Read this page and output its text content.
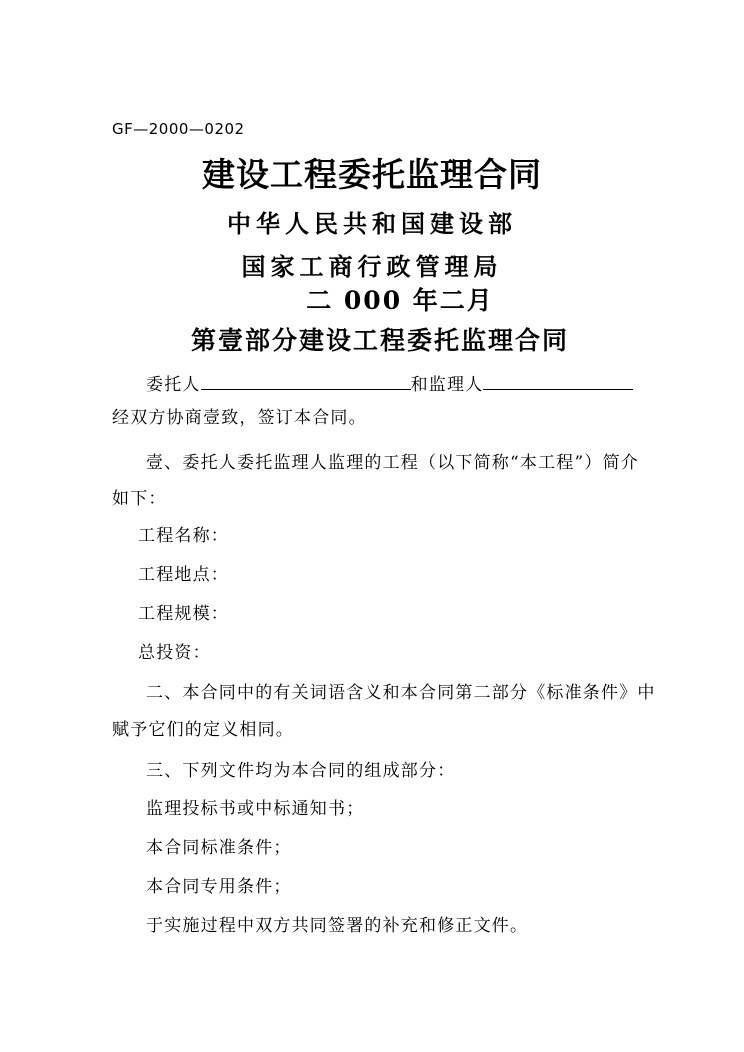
GF—2000—0202
建设工程委托监理合同
中华人民共和国建设部
国家工商行政管理局
二 000 年二月
第壹部分建设工程委托监理合同
委托人	和监理人
经双方协商壹致，签订本合同。
壹、委托人委托监理人监理的工程（以下简称“本工程”）简介
如下：
工程名称：
工程地点：
工程规模：
总投资：
二、本合同中的有关词语含义和本合同第二部分《标准条件》中
赋予它们的定义相同。
三、下列文件均为本合同的组成部分：
监理投标书或中标通知书；
本合同标准条件；
本合同专用条件；
于实施过程中双方共同签署的补充和修正文件。
